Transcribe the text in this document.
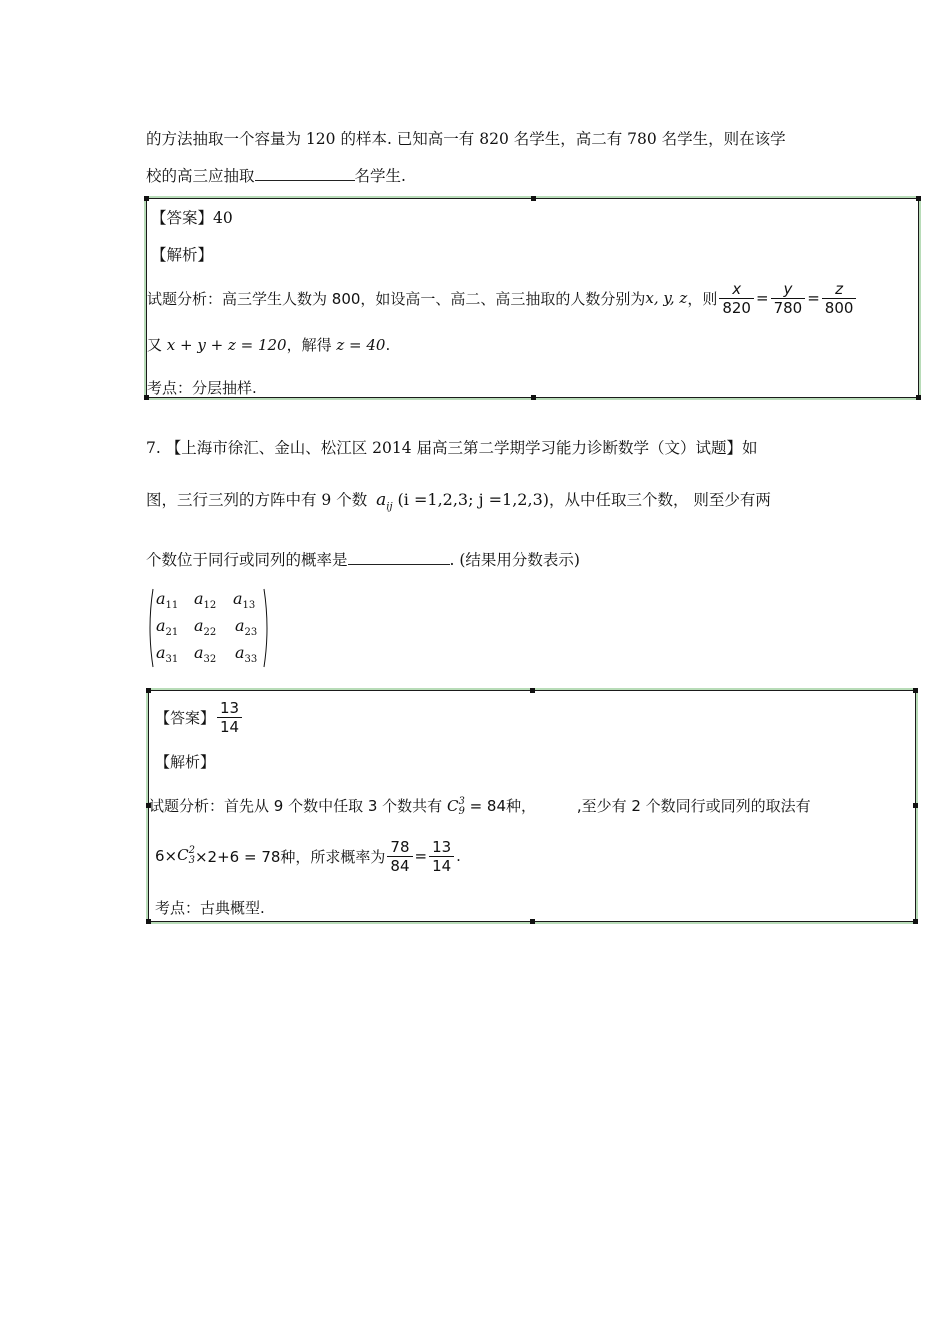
的方法抽取一个容量为 120 的样本. 已知高一有 820 名学生，高二有 780 名学生，则在该学
校的高三应抽取	名学生.
【答案】40
【解析】
试题分析：高三学生人数为 800，如设高一、高二、高三抽取的人数分别为 x, y, z ，则 $\frac{x}{820} = \frac{y}{780} = \frac{z}{800}$
又 x + y + z = 120，解得 z = 40.
考点：分层抽样.
7. 【上海市徐汇、金山、松江区 2014 届高三第二学期学习能力诊断数学（文）试题】如
图，三行三列的方阵中有 9 个数 $a_{ij}$ (i =1,2,3; j =1,2,3)，从中任取三个数， 则至少有两
个数位于同行或同列的概率是	. (结果用分数表示)
$a_{11}$ $a_{12}$ $a_{13}$
$a_{21}$ $a_{22}$ $a_{23}$
$a_{31}$ $a_{32}$ $a_{33}$
【答案】 $\frac{13}{14}$
【解析】
试题分析：首先从 9 个数中任取 3 个数共有 C 3
9 = 84种，	,至少有 2 个数同行或同列的取法有
6× C 2
3 ×2+6 = 78种，所求概率为 $\frac{78}{84} = \frac{13}{14}$ .
考点：古典概型.
